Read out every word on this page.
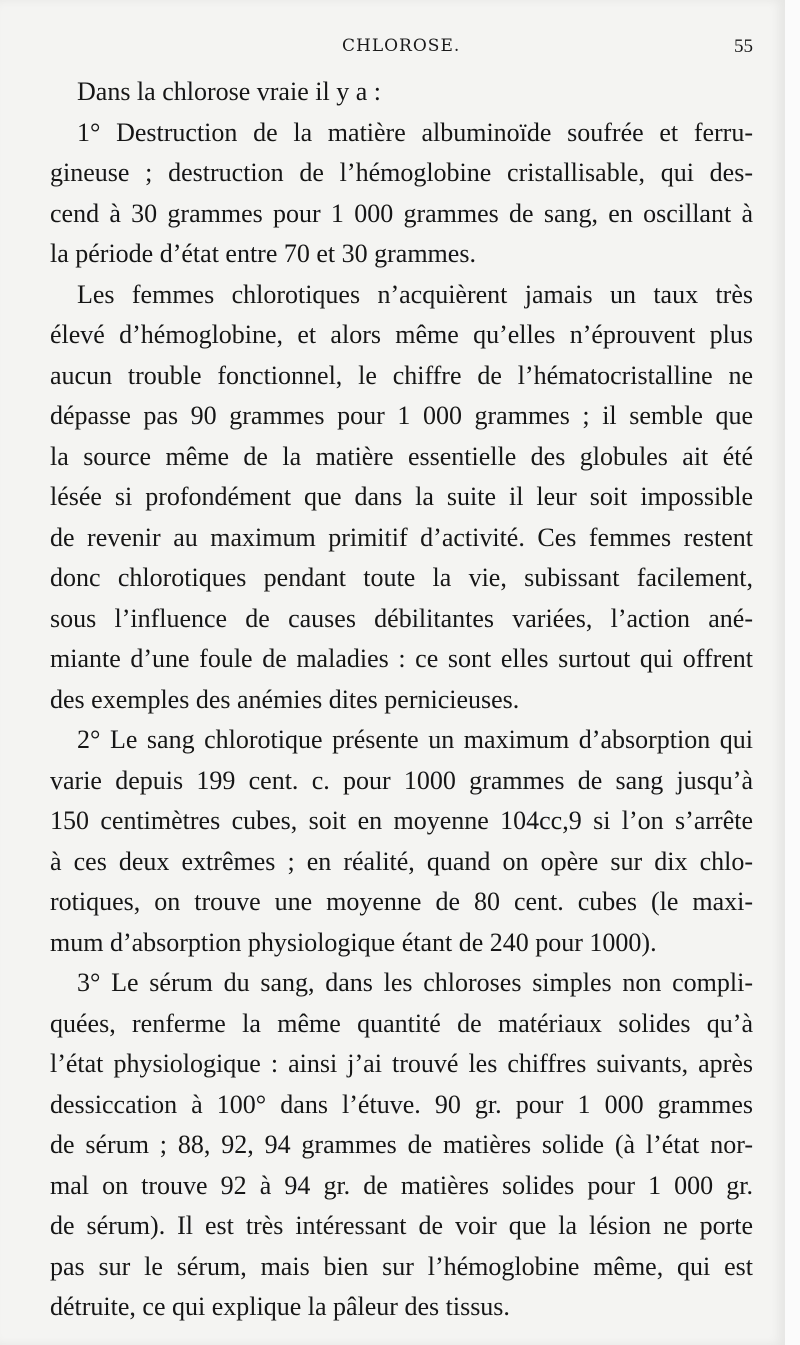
CHLOROSE.	55
Dans la chlorose vraie il y a :
1° Destruction de la matière albuminoïde soufrée et ferru-
gineuse ; destruction de l’hémoglobine cristallisable, qui des-
cend à 30 grammes pour 1 000 grammes de sang, en oscillant à
la période d’état entre 70 et 30 grammes.
Les femmes chlorotiques n’acquièrent jamais un taux très
élevé d’hémoglobine, et alors même qu’elles n’éprouvent plus
aucun trouble fonctionnel, le chiffre de l’hématocristalline ne
dépasse pas 90 grammes pour 1 000 grammes ; il semble que
la source même de la matière essentielle des globules ait été
lésée si profondément que dans la suite il leur soit impossible
de revenir au maximum primitif d’activité. Ces femmes restent
donc chlorotiques pendant toute la vie, subissant facilement,
sous l’influence de causes débilitantes variées, l’action ané-
miante d’une foule de maladies : ce sont elles surtout qui offrent
des exemples des anémies dites pernicieuses.
2° Le sang chlorotique présente un maximum d’absorption qui
varie depuis 199 cent. c. pour 1000 grammes de sang jusqu’à
150 centimètres cubes, soit en moyenne 104cc,9 si l’on s’arrête
à ces deux extrêmes ; en réalité, quand on opère sur dix chlo-
rotiques, on trouve une moyenne de 80 cent. cubes (le maxi-
mum d’absorption physiologique étant de 240 pour 1000).
3° Le sérum du sang, dans les chloroses simples non compli-
quées, renferme la même quantité de matériaux solides qu’à
l’état physiologique : ainsi j’ai trouvé les chiffres suivants, après
dessiccation à 100° dans l’étuve. 90 gr. pour 1 000 grammes
de sérum ; 88, 92, 94 grammes de matières solide (à l’état nor-
mal on trouve 92 à 94 gr. de matières solides pour 1 000 gr.
de sérum). Il est très intéressant de voir que la lésion ne porte
pas sur le sérum, mais bien sur l’hémoglobine même, qui est
détruite, ce qui explique la pâleur des tissus.
